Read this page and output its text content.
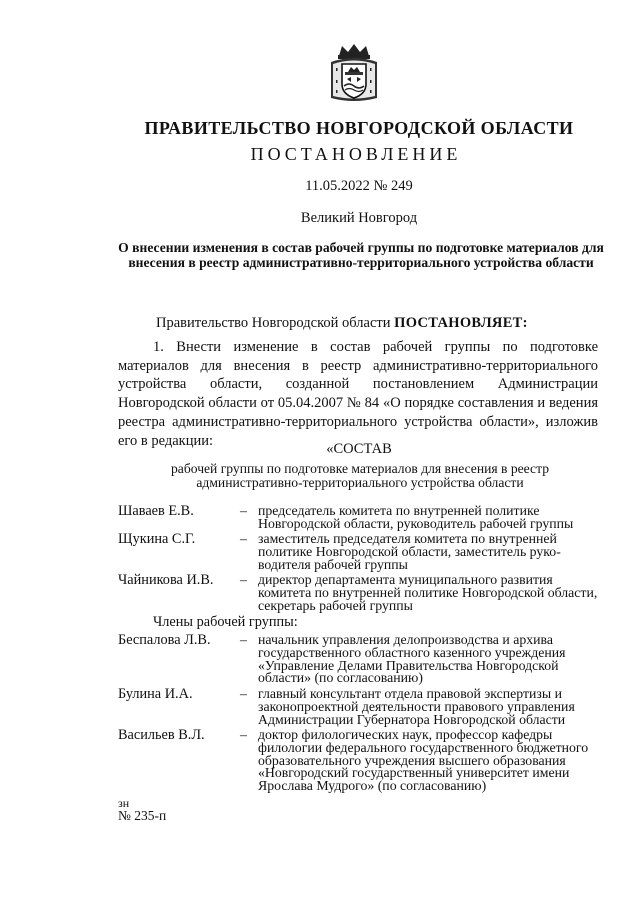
ПРАВИТЕЛЬСТВО НОВГОРОДСКОЙ ОБЛАСТИ
ПОСТАНОВЛЕНИЕ
11.05.2022 № 249
Великий Новгород
О внесении изменения в состав рабочей группы по подготовке материалов для внесения в реестр административно-территориального устройства области
Правительство Новгородской области ПОСТАНОВЛЯЕТ:
1. Внести изменение в состав рабочей группы по подготовке материалов для внесения в реестр административно-территориального устройства области, созданной постановлением Администрации Новгородской области от 05.04.2007 № 84 «О порядке составления и ведения реестра административно-территориального устройства области», изложив его в редакции:
«СОСТАВ
рабочей группы по подготовке материалов для внесения в реестр административно-территориального устройства области
Шаваев Е.В.	– председатель комитета по внутренней политике Новгородской области, руководитель рабочей группы
Щукина С.Г.	– заместитель председателя комитета по внутренней политике Новгородской области, заместитель руко-водителя рабочей группы
Чайникова И.В. – директор департамента муниципального развития комитета по внутренней политике Новгородской области, секретарь рабочей группы
Члены рабочей группы:
Беспалова Л.В. – начальник управления делопроизводства и архива государственного областного казенного учреждения «Управление Делами Правительства Новгородской области» (по согласованию)
Булина И.А.	– главный консультант отдела правовой экспертизы и законопроектной деятельности правового управления Администрации Губернатора Новгородской области
Васильев В.Л.	– доктор филологических наук, профессор кафедры филологии федерального государственного бюджетного образовательного учреждения высшего образования «Новгородский государственный университет имени Ярослава Мудрого» (по согласованию)
зн
№ 235-п
